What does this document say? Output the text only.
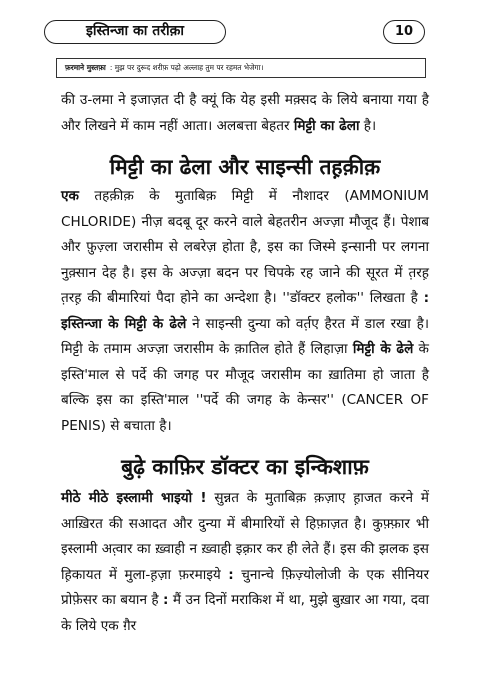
इस्तिन्जा का तरीक़ा	10
फ़रमाने मुस्तफ़ा : मुझ पर दुरूद शरीफ़ पढ़ो अल्लाह तुम पर रहमत भेजेगा।
की उ-लमा ने इजाज़त दी है क्यूं कि येह इसी मक़्सद के लिये बनाया गया है और लिखने में काम नहीं आता। अलबत्ता बेहतर मिट्टी का ढेला है।
मिट्टी का ढेला और साइन्सी तह़क़ीक़
एक तहक़ीक़ के मुताबिक़ मिट्टी में नौशादर (AMMONIUM CHLORIDE) नीज़ बदबू दूर करने वाले बेहतरीन अज्ज़ा मौजूद हैं। पेशाब और फ़ुज़्ला जरासीम से लबरेज़ होता है, इस का जिस्मे इन्सानी पर लगना नुक़्सान देह है। इस के अज्ज़ा बदन पर चिपके रह जाने की सूरत में त़रह़ त़रह़ की बीमारियां पैदा होने का अन्देशा है। ''डॉक्टर हलोक'' लिखता है : इस्तिन्जा के मिट्टी के ढेले ने साइन्सी दुन्या को वर्त़ए हैरत में डाल रखा है। मिट्टी के तमाम अज्ज़ा जरासीम के क़ातिल होते हैं लिहाज़ा मिट्टी के ढेले के इस्ति'माल से पर्दे की जगह पर मौजूद जरासीम का ख़ातिमा हो जाता है बल्कि इस का इस्ति'माल ''पर्दे की जगह के केन्सर'' (CANCER OF PENIS) से बचाता है।
बुढ़े काफ़िर डॉक्टर का इन्किशाफ़
मीठे मीठे इस्लामी भाइयो ! सुन्नत के मुताबिक़ क़ज़ाए ह़ाजत करने में आख़िरत की सआदत और दुन्या में बीमारियों से हिफ़ाज़त है। कुफ़्फ़ार भी इस्लामी अत़्वार का ख़्वाही न ख़्वाही इक़्रार कर ही लेते हैं। इस की झलक इस ह़िकायत में मुला-ह़ज़ा फ़रमाइये : चुनान्चे फ़िज़्योलोजी के एक सीनियर प्रोफ़ेसर का बयान है : मैं उन दिनों मराकिश में था, मुझे बुख़ार आ गया, दवा के लिये एक ग़ैर
